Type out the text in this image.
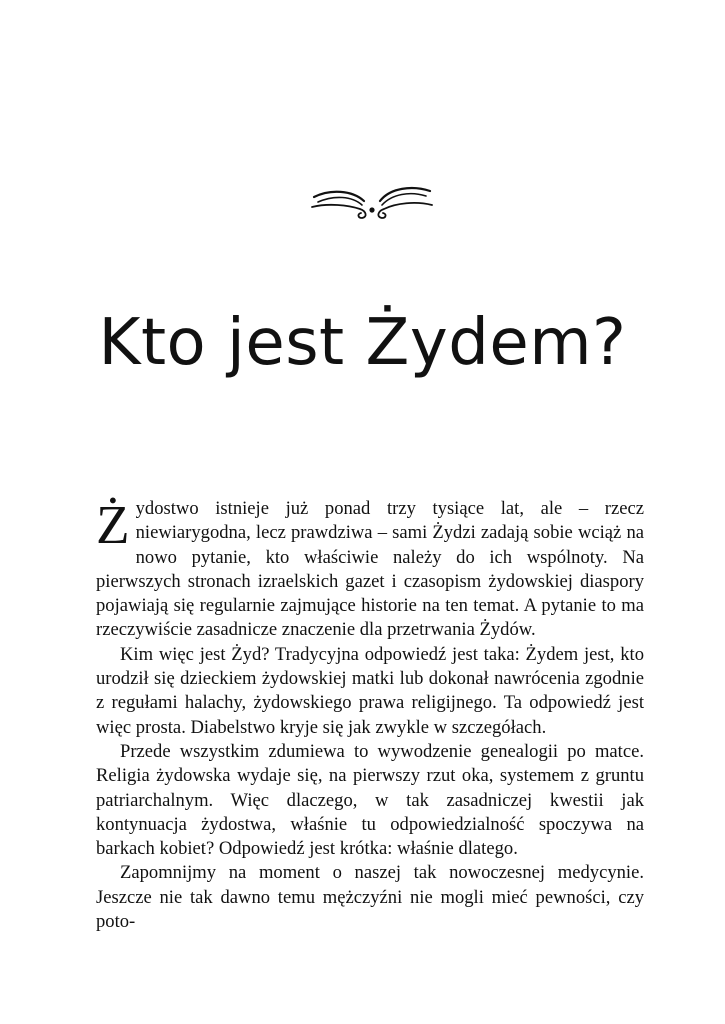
Kto jest Żydem?

Żydostwo istnieje już ponad trzy tysiące lat, ale – rzecz niewiarygodna, lecz prawdziwa – sami Żydzi zadają sobie wciąż na nowo pytanie, kto właściwie należy do ich wspólnoty. Na pierwszych stronach izraelskich gazet i czasopism żydowskiej diaspory pojawiają się regularnie zajmujące historie na ten temat. A pytanie to ma rzeczywiście zasadnicze znaczenie dla przetrwania Żydów.

Kim więc jest Żyd? Tradycyjna odpowiedź jest taka: Żydem jest, kto urodził się dzieckiem żydowskiej matki lub dokonał nawrócenia zgodnie z regułami halachy, żydowskiego prawa religijnego. Ta odpowiedź jest więc prosta. Diabelstwo kryje się jak zwykle w szczegółach.

Przede wszystkim zdumiewa to wywodzenie genealogii po matce. Religia żydowska wydaje się, na pierwszy rzut oka, systemem z gruntu patriarchalnym. Więc dlaczego, w tak zasadniczej kwestii jak kontynuacja żydostwa, właśnie tu odpowiedzialność spoczywa na barkach kobiet? Odpowiedź jest krótka: właśnie dlatego.

Zapomnijmy na moment o naszej tak nowoczesnej medycynie. Jeszcze nie tak dawno temu mężczyźni nie mogli mieć pewności, czy poto-
